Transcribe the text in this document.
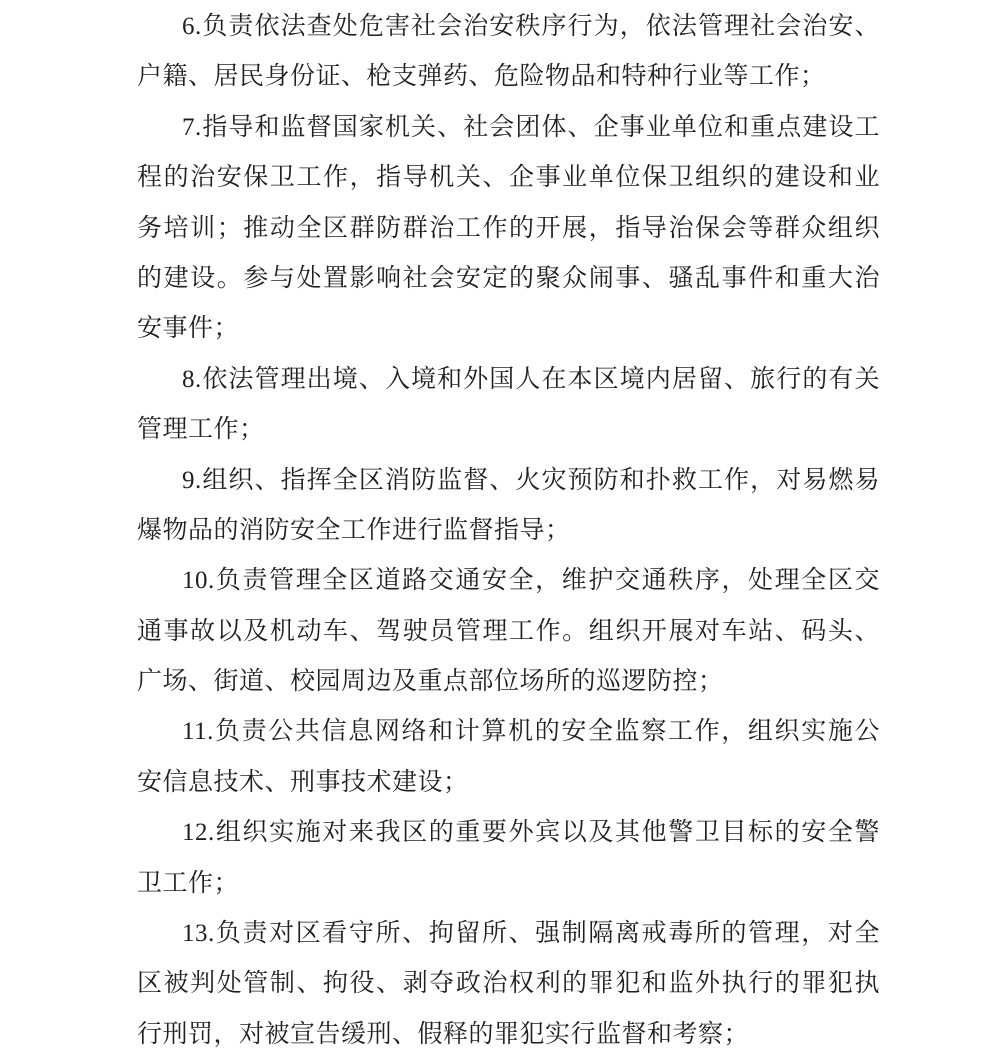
6.负责依法查处危害社会治安秩序行为，依法管理社会治安、

户籍、居民身份证、枪支弹药、危险物品和特种行业等工作；

7.指导和监督国家机关、社会团体、企事业单位和重点建设工

程的治安保卫工作，指导机关、企事业单位保卫组织的建设和业

务培训；推动全区群防群治工作的开展，指导治保会等群众组织

的建设。参与处置影响社会安定的聚众闹事、骚乱事件和重大治

安事件；

8.依法管理出境、入境和外国人在本区境内居留、旅行的有关

管理工作；

9.组织、指挥全区消防监督、火灾预防和扑救工作，对易燃易

爆物品的消防安全工作进行监督指导；

10.负责管理全区道路交通安全，维护交通秩序，处理全区交

通事故以及机动车、驾驶员管理工作。组织开展对车站、码头、

广场、街道、校园周边及重点部位场所的巡逻防控；

11.负责公共信息网络和计算机的安全监察工作，组织实施公

安信息技术、刑事技术建设；

12.组织实施对来我区的重要外宾以及其他警卫目标的安全警

卫工作；

13.负责对区看守所、拘留所、强制隔离戒毒所的管理，对全

区被判处管制、拘役、剥夺政治权利的罪犯和监外执行的罪犯执

行刑罚，对被宣告缓刑、假释的罪犯实行监督和考察；
